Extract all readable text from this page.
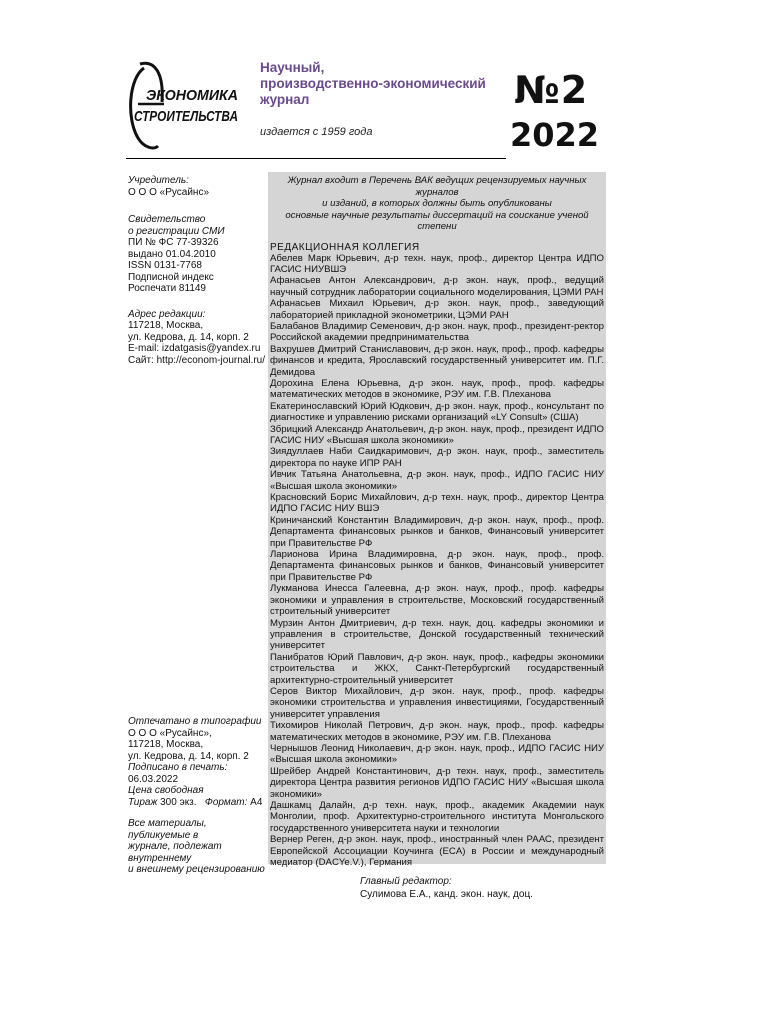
ЭКОНОМИКА
СТРОИТЕЛЬСТВА
Научный,
производственно-экономический
журнал
издается с 1959 года
№2
2022
Учредитель:
О О О «Русайнс»
Свидетельство
о регистрации СМИ
ПИ № ФС 77-39326
выдано 01.04.2010
ISSN 0131-7768
Подписной индекс
Роспечати 81149
Адрес редакции:
117218, Москва,
ул. Кедрова, д. 14, корп. 2
E-mail: izdatgasis@yandex.ru
Сайт: http://econom-journal.ru/
Отпечатано в типографии
О О О «Русайнс»,
117218, Москва,
ул. Кедрова, д. 14, корп. 2
Подписано в печать: 06.03.2022
Цена свободная
Тираж 300 экз. Формат: А4
Все материалы, публикуемые в
журнале, подлежат внутреннему
и внешнему рецензированию
Журнал входит в Перечень ВАК ведущих рецензируемых научных журналов
и изданий, в которых должны быть опубликованы
основные научные результаты диссертаций на соискание ученой степени
РЕДАКЦИОННАЯ КОЛЛЕГИЯ
Абелев Марк Юрьевич, д-р техн. наук, проф., директор Центра ИДПО ГАСИС НИУВШЭ
Афанасьев Антон Александрович, д-р экон. наук, проф., ведущий научный сотрудник лаборатории социального моделирования, ЦЭМИ РАН
Афанасьев Михаил Юрьевич, д-р экон. наук, проф., заведующий лабораторией прикладной эконометрики, ЦЭМИ РАН
Балабанов Владимир Семенович, д-р экон. наук, проф., президент-ректор Российской академии предпринимательства
Вахрушев Дмитрий Станиславович, д-р экон. наук, проф., проф. кафедры финансов и кредита, Ярославский государственный университет им. П.Г. Демидова
Дорохина Елена Юрьевна, д-р экон. наук, проф., проф. кафедры математических методов в экономике, РЭУ им. Г.В. Плеханова
Екатеринославский Юрий Юдкович, д-р экон. наук, проф., консультант по диагностике и управлению рисками организаций «LY Consult» (США)
Збрицкий Александр Анатольевич, д-р экон. наук, проф., президент ИДПО ГАСИС НИУ «Высшая школа экономики»
Зиядуллаев Наби Саидкаримович, д-р экон. наук, проф., заместитель директора по науке ИПР РАН
Ивчик Татьяна Анатольевна, д-р экон. наук, проф., ИДПО ГАСИС НИУ «Высшая школа экономики»
Красновский Борис Михайлович, д-р техн. наук, проф., директор Центра ИДПО ГАСИС НИУ ВШЭ
Криничанский Константин Владимирович, д-р экон. наук, проф., проф. Департамента финансовых рынков и банков, Финансовый университет при Правительстве РФ
Ларионова Ирина Владимировна, д-р экон. наук, проф., проф. Департамента финансовых рынков и банков, Финансовый университет при Правительстве РФ
Лукманова Инесса Галеевна, д-р экон. наук, проф., проф. кафедры экономики и управления в строительстве, Московский государственный строительный университет
Мурзин Антон Дмитриевич, д-р техн. наук, доц. кафедры экономики и управления в строительстве, Донской государственный технический университет
Панибратов Юрий Павлович, д-р экон. наук, проф., кафедры экономики строительства и ЖКХ, Санкт-Петербургский государственный архитектурно-строительный университет
Серов Виктор Михайлович, д-р экон. наук, проф., проф. кафедры экономики строительства и управления инвестициями, Государственный университет управления
Тихомиров Николай Петрович, д-р экон. наук, проф., проф. кафедры математических методов в экономике, РЭУ им. Г.В. Плеханова
Чернышов Леонид Николаевич, д-р экон. наук, проф., ИДПО ГАСИС НИУ «Высшая школа экономики»
Шрейбер Андрей Константинович, д-р техн. наук, проф., заместитель директора Центра развития регионов ИДПО ГАСИС НИУ «Высшая школа экономики»
Дашкамц Далайн, д-р техн. наук, проф., академик Академии наук Монголии, проф. Архитектурно-строительного института Монгольского государственного университета науки и технологии
Вернер Реген, д-р экон. наук, проф., иностранный член РААС, президент Европейской Ассоциации Коучинга (ECA) в России и международный медиатор (DACYe.V.), Германия
Главный редактор:
Сулимова Е.А., канд. экон. наук, доц.
